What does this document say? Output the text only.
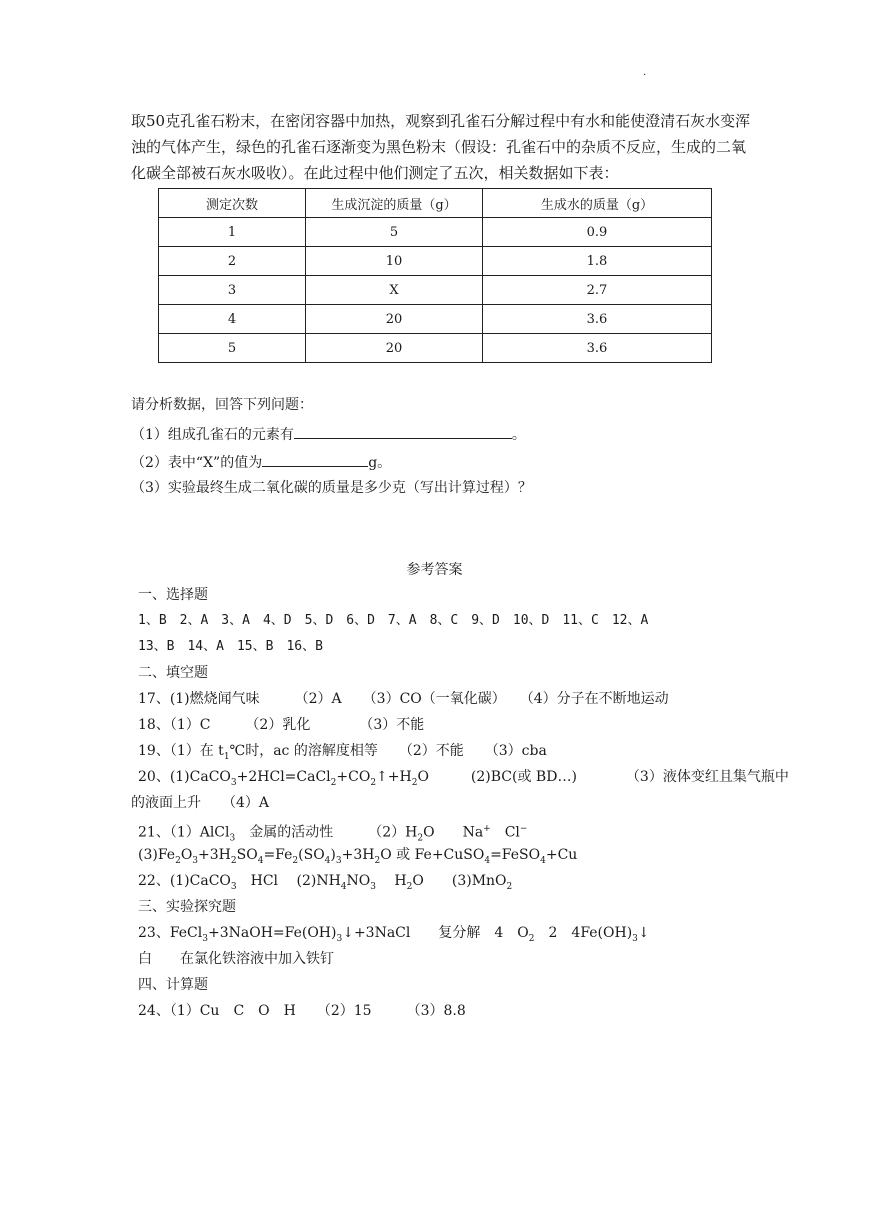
.

取50克孔雀石粉末，在密闭容器中加热，观察到孔雀石分解过程中有水和能使澄清石灰水变浑浊的气体产生，绿色的孔雀石逐渐变为黑色粉末（假设：孔雀石中的杂质不反应，生成的二氧化碳全部被石灰水吸收）。在此过程中他们测定了五次，相关数据如下表：

测定次数	生成沉淀的质量（g）	生成水的质量（g）
1	5	0.9
2	10	1.8
3	X	2.7
4	20	3.6
5	20	3.6
请分析数据，回答下列问题：
（1）组成孔雀石的元素有	。
（2）表中“X”的值为	g。
（3）实验最终生成二氧化碳的质量是多少克（写出计算过程）？
参考答案
一、选择题
1、B　2、A　3、A　4、D　5、D　6、D　7、A　8、C　9、D　10、D　11、C　12、A
13、B　14、A　15、B　16、B
二、填空题
17、(1)燃烧闻气味　　　（2）A　　（3）CO（一氧化碳）　　（4）分子在不断地运动
18、（1）C　　　（2）乳化　　　　（3）不能
19、（1）在 $t_1℃$时，ac 的溶解度相等　　（2）不能　　（3）cba
20、$(1)CaCO_3+2HCl=CaCl_2+CO_2↑+H_2O$　　　(2)BC(或 BD…)　　　　（3）液体变红且集气瓶中
的液面上升　　（4）A
21、（1）AlCl$_3$　金属的活动性　　　$(2)H_2O$　　Na+　Cl−
$(3)Fe_2O_3+3H_2SO_4=Fe_2(SO_4)_3+3H_2O$ 或 Fe+CuSO$_4$=FeSO$_4$+Cu
22、(1)CaCO$_3$　HCl　 $(2)NH_4NO_3$　 $H_2O$　　(3)MnO$_2$
三、实验探究题
23、$FeCl_3+3NaOH=Fe(OH)_3↓+3NaCl$　　复分解　4　$O_2$　2　$4Fe(OH)_3↓$
白　　在氯化铁溶液中加入铁钉
四、计算题
24、（1）Cu　C　O　H　　（2）15　　　（3）8.8
